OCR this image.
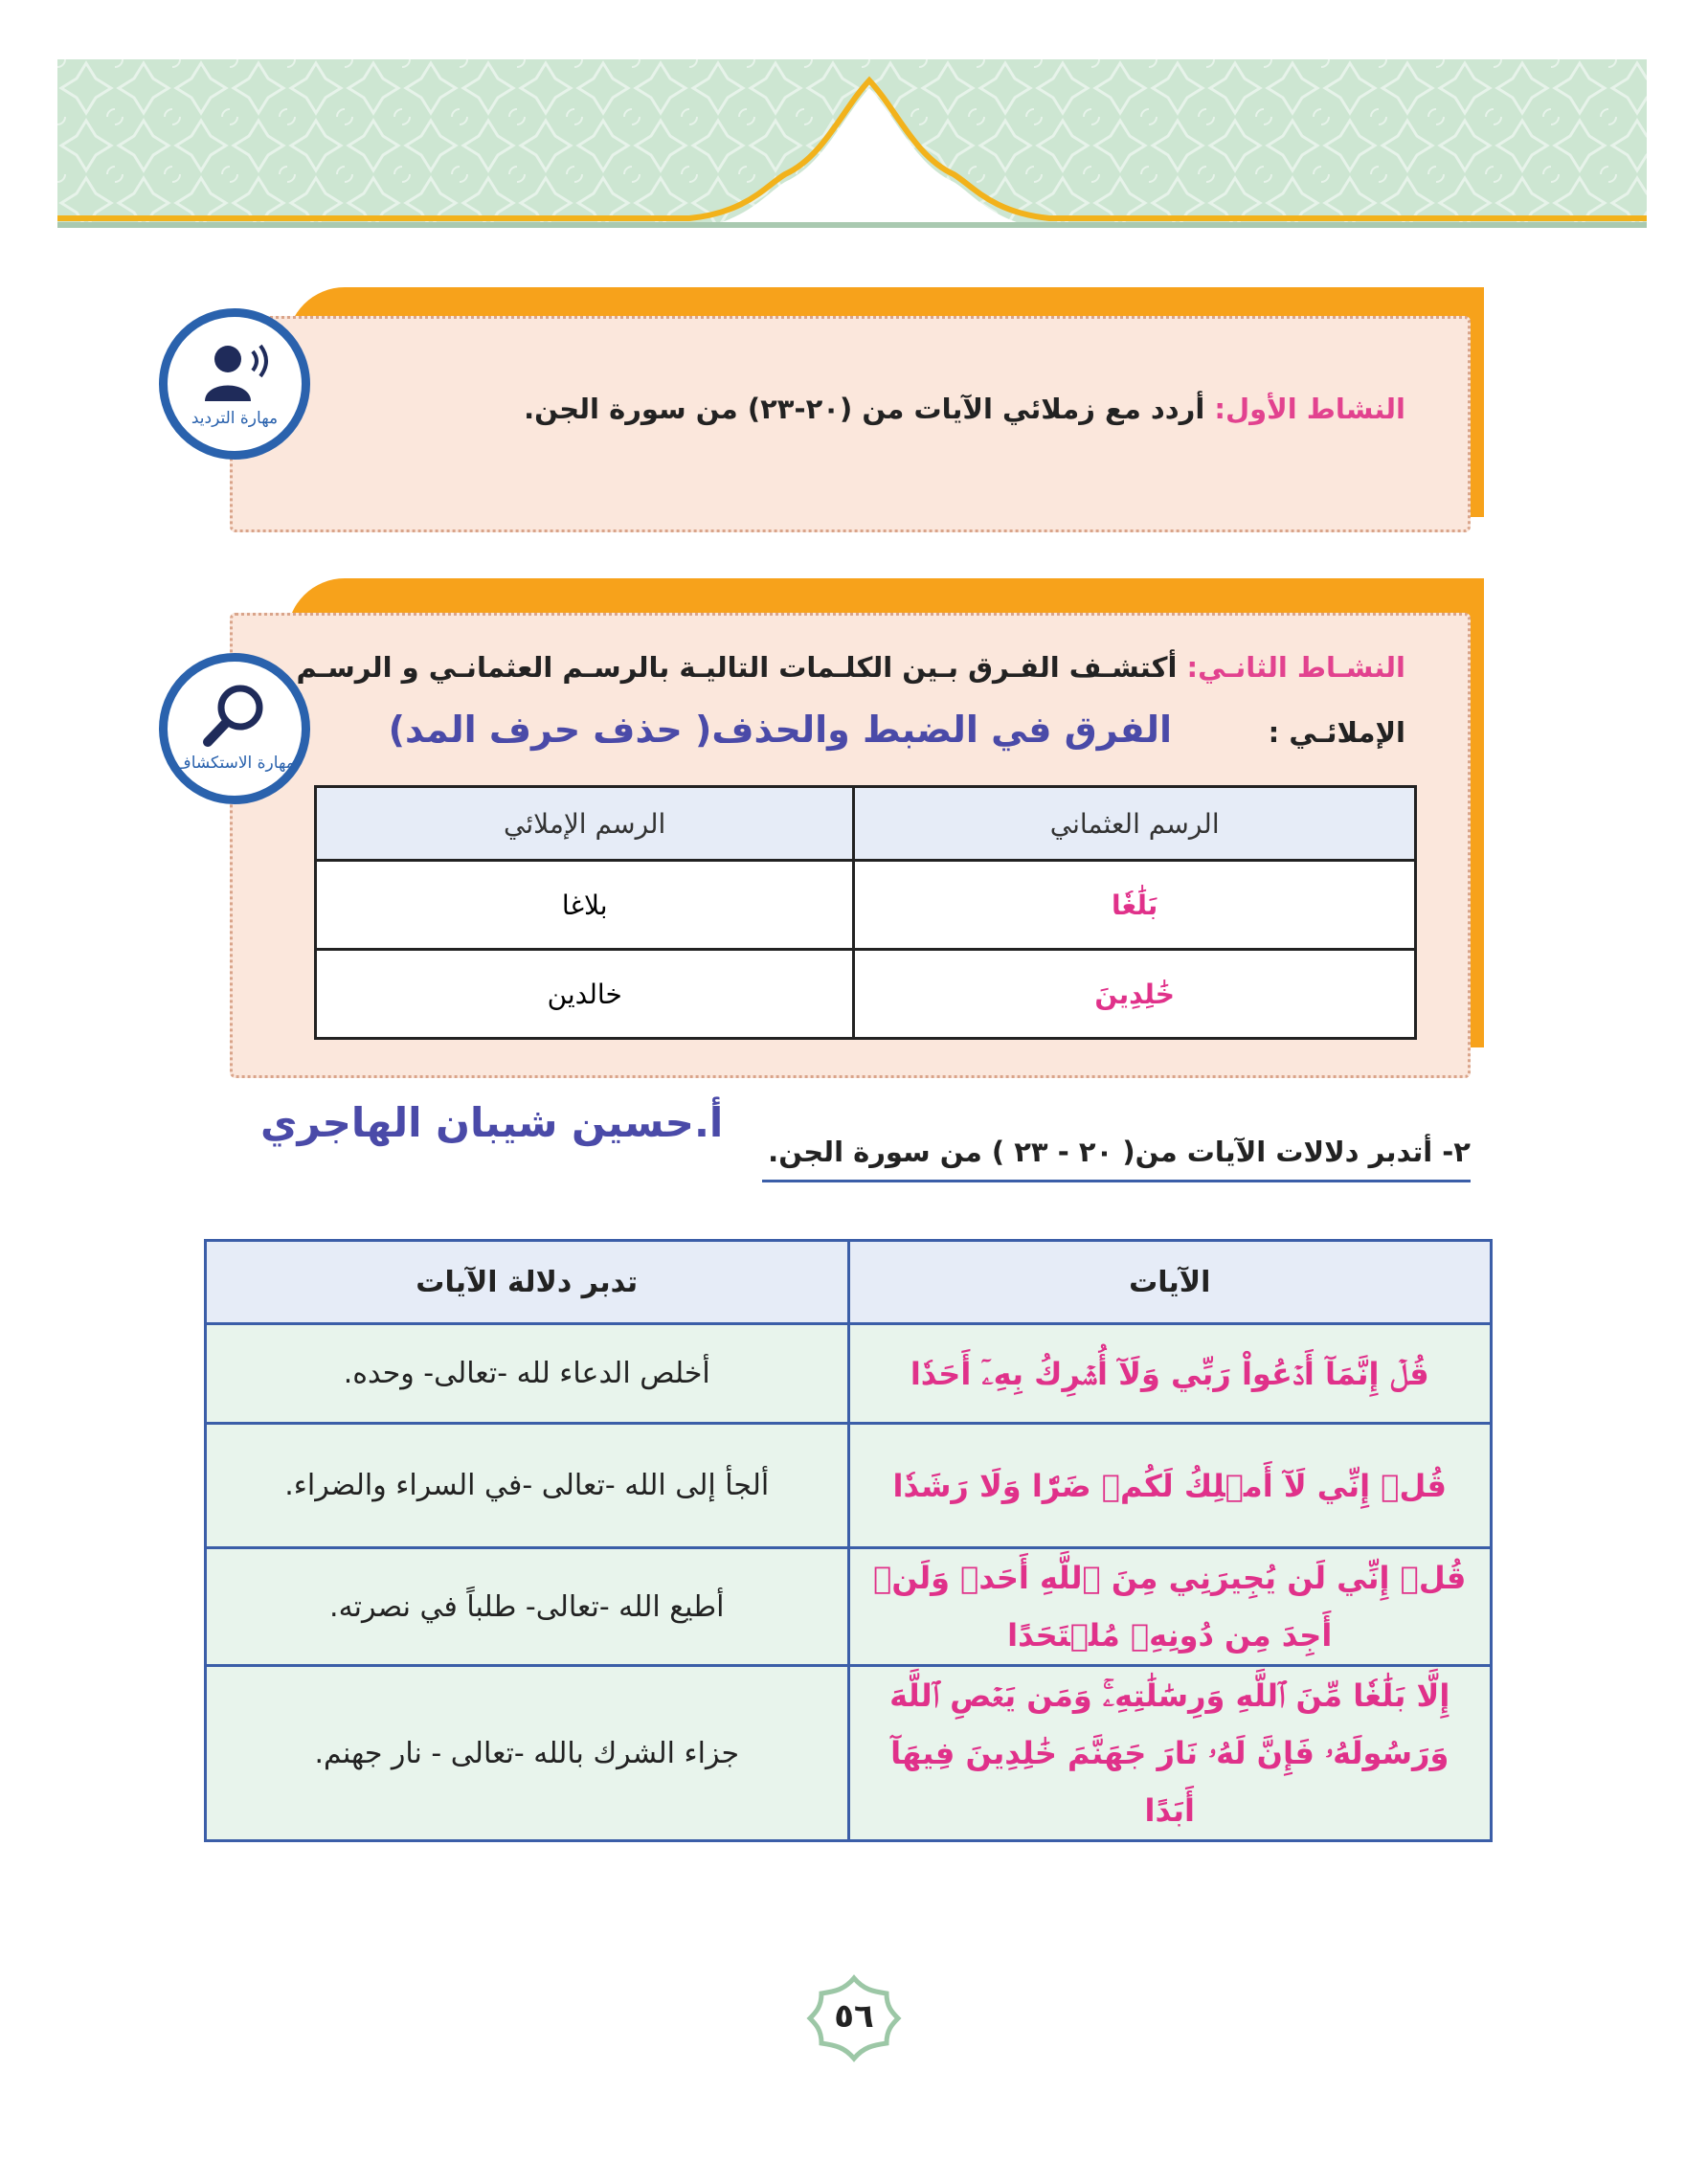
مهارة الترديد	النشاط الأول: أردد مع زملائي الآيات من (٢٠-٢٣) من سورة الجن.
مهارة الاستكشاف
النشـاط الثانـي: أكتشـف الفـرق بـين الكلـمات التاليـة بالرسـم العثمانـي و الرسـم
الإملائـي :
الفرق في الضبط والحذف( حذف حرف المد)
الرسم العثماني	الرسم الإملائي
بَلَٰغٗا	بلاغا
خَٰلِدِينَ	خالدين
أ.حسين شيبان الهاجري
٢- أتدبر دلالات الآيات من( ٢٠ - ٢٣ ) من سورة الجن.
الآيات	تدبر دلالة الآيات
قُلۡ إِنَّمَآ أَدۡعُواْ رَبِّي وَلَآ أُشۡرِكُ بِهِۦٓ أَحَدٗا	أخلص الدعاء لله -تعالى- وحده.
قُلۡ إِنِّي لَآ أَمۡلِكُ لَكُمۡ ضَرّٗا وَلَا رَشَدٗا	ألجأ إلى الله -تعالى -في السراء والضراء.
قُلۡ إِنِّي لَن يُجِيرَنِي مِنَ ٱللَّهِ أَحَدٞ وَلَنۡ أَجِدَ مِن دُونِهِۦ مُلۡتَحَدًا	أطيع الله -تعالى- طلباً في نصرته.
إِلَّا بَلَٰغٗا مِّنَ ٱللَّهِ وَرِسَٰلَٰتِهِۦۚ وَمَن يَعۡصِ ٱللَّهَ وَرَسُولَهُۥ فَإِنَّ لَهُۥ نَارَ جَهَنَّمَ خَٰلِدِينَ فِيهَآ أَبَدًا	جزاء الشرك بالله -تعالى - نار جهنم.
٥٦
